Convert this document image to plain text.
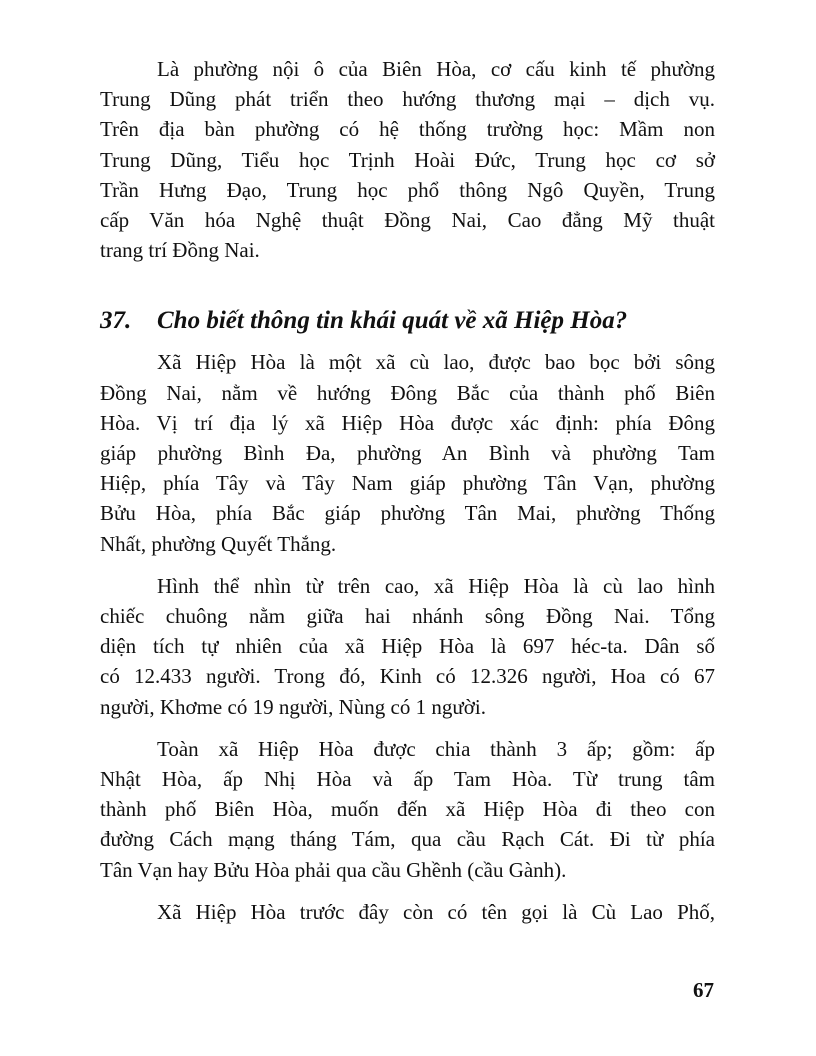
Là phường nội ô của Biên Hòa, cơ cấu kinh tế phường
Trung Dũng phát triển theo hướng thương mại – dịch vụ.
Trên địa bàn phường có hệ thống trường học: Mầm non
Trung Dũng, Tiểu học Trịnh Hoài Đức, Trung học cơ sở
Trần Hưng Đạo, Trung học phổ thông Ngô Quyền, Trung
cấp Văn hóa Nghệ thuật Đồng Nai, Cao đẳng Mỹ thuật
trang trí Đồng Nai.

37. Cho biết thông tin khái quát về xã Hiệp Hòa?

Xã Hiệp Hòa là một xã cù lao, được bao bọc bởi sông
Đồng Nai, nằm về hướng Đông Bắc của thành phố Biên
Hòa. Vị trí địa lý xã Hiệp Hòa được xác định: phía Đông
giáp phường Bình Đa, phường An Bình và phường Tam
Hiệp, phía Tây và Tây Nam giáp phường Tân Vạn, phường
Bửu Hòa, phía Bắc giáp phường Tân Mai, phường Thống
Nhất, phường Quyết Thắng.

Hình thể nhìn từ trên cao, xã Hiệp Hòa là cù lao hình
chiếc chuông nằm giữa hai nhánh sông Đồng Nai. Tổng
diện tích tự nhiên của xã Hiệp Hòa là 697 héc-ta. Dân số
có 12.433 người. Trong đó, Kinh có 12.326 người, Hoa có 67
người, Khơme có 19 người, Nùng có 1 người.

Toàn xã Hiệp Hòa được chia thành 3 ấp; gồm: ấp
Nhật Hòa, ấp Nhị Hòa và ấp Tam Hòa. Từ trung tâm
thành phố Biên Hòa, muốn đến xã Hiệp Hòa đi theo con
đường Cách mạng tháng Tám, qua cầu Rạch Cát. Đi từ phía
Tân Vạn hay Bửu Hòa phải qua cầu Ghềnh (cầu Gành).

Xã Hiệp Hòa trước đây còn có tên gọi là Cù Lao Phố,

67
